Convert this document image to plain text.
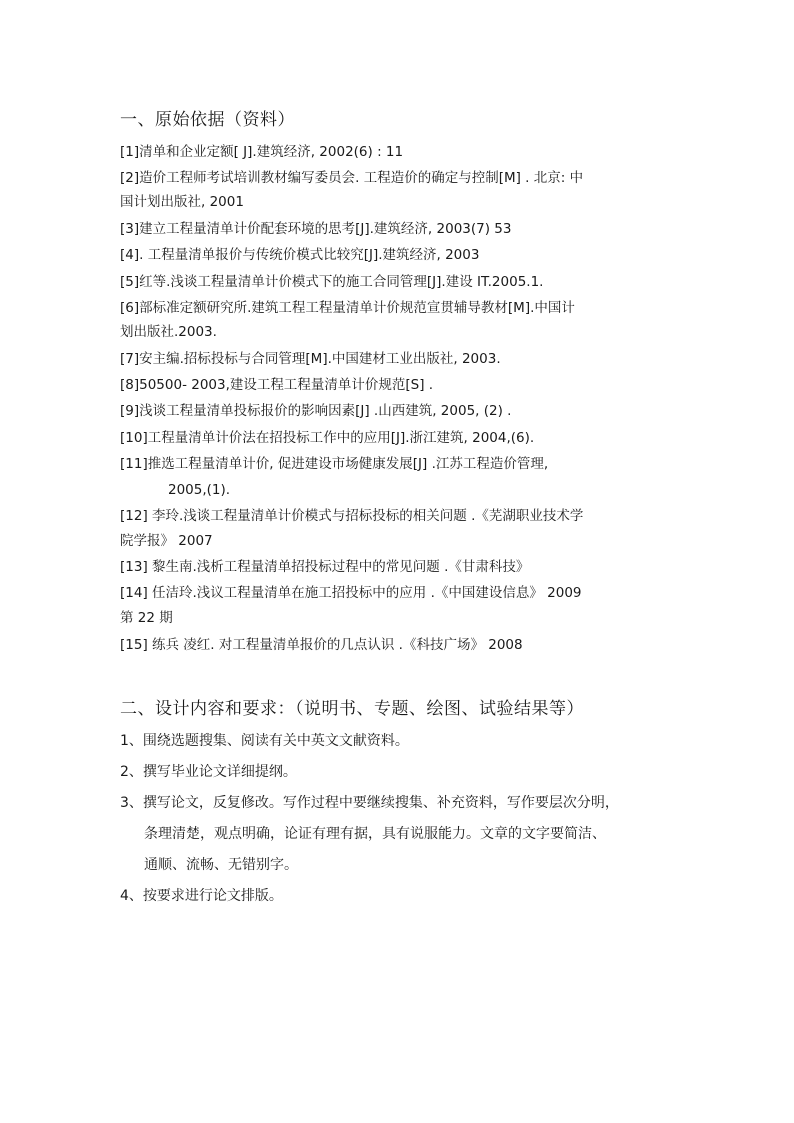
一、原始依据（资料）
[1]清单和企业定额[ J].建筑经济, 2002(6) : 11
[2]造价工程师考试培训教材编写委员会. 工程造价的确定与控制[M] . 北京: 中
国计划出版社, 2001
[3]建立工程量清单计价配套环境的思考[J].建筑经济, 2003(7) 53
[4]. 工程量清单报价与传统价模式比较究[J].建筑经济, 2003
[5]红等.浅谈工程量清单计价模式下的施工合同管理[J].建设 IT.2005.1.
[6]部标准定额研究所.建筑工程工程量清单计价规范宣贯辅导教材[M].中国计
划出版社.2003.
[7]安主编.招标投标与合同管理[M].中国建材工业出版社, 2003.
[8]50500- 2003,建设工程工程量清单计价规范[S] .
[9]浅谈工程量清单投标报价的影响因素[J] .山西建筑, 2005, (2) .
[10]工程量清单计价法在招投标工作中的应用[J].浙江建筑, 2004,(6).
[11]推选工程量清单计价, 促进建设市场健康发展[J] .江苏工程造价管理,
2005,(1).
[12] 李玲.浅谈工程量清单计价模式与招标投标的相关问题 .《芜湖职业技术学
院学报》 2007
[13] 黎生南.浅析工程量清单招投标过程中的常见问题 .《甘肃科技》
[14] 任洁玲.浅议工程量清单在施工招投标中的应用 .《中国建设信息》 2009
第 22 期
[15] 练兵 凌红. 对工程量清单报价的几点认识 .《科技广场》 2008
二、设计内容和要求：（说明书、专题、绘图、试验结果等）
1、围绕选题搜集、阅读有关中英文文献资料。
2、撰写毕业论文详细提纲。
3、撰写论文，反复修改。写作过程中要继续搜集、补充资料，写作要层次分明，
条理清楚，观点明确，论证有理有据，具有说服能力。文章的文字要简洁、
通顺、流畅、无错别字。
4、按要求进行论文排版。
